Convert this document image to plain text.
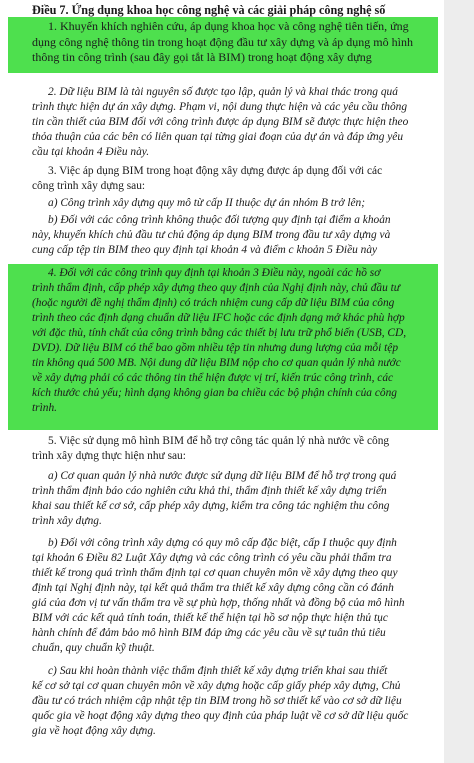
Điều 7. Ứng dụng khoa học công nghệ và các giải pháp công nghệ số
1. Khuyến khích nghiên cứu, áp dụng khoa học và công nghệ tiên tiến, ứng
dụng công nghệ thông tin trong hoạt động đầu tư xây dựng và áp dụng mô hình
thông tin công trình (sau đây gọi tắt là BIM) trong hoạt động xây dựng
2. Dữ liệu BIM là tài nguyên số được tạo lập, quản lý và khai thác trong quá
trình thực hiện dự án xây dựng. Phạm vi, nội dung thực hiện và các yêu cầu thông
tin cần thiết của BIM đối với công trình được áp dụng BIM sẽ được thực hiện theo
thỏa thuận của các bên có liên quan tại từng giai đoạn của dự án và đáp ứng yêu
cầu tại khoản 4 Điều này.
3. Việc áp dụng BIM trong hoạt động xây dựng được áp dụng đối với các
công trình xây dựng sau:
a) Công trình xây dựng quy mô từ cấp II thuộc dự án nhóm B trở lên;
b) Đối với các công trình không thuộc đối tượng quy định tại điểm a khoản
này, khuyến khích chủ đầu tư chủ động áp dụng BIM trong đầu tư xây dựng và
cung cấp tệp tin BIM theo quy định tại khoản 4 và điểm c khoản 5 Điều này
4. Đối với các công trình quy định tại khoản 3 Điều này, ngoài các hồ sơ
trình thẩm định, cấp phép xây dựng theo quy định của Nghị định này, chủ đầu tư
(hoặc người đề nghị thẩm định) có trách nhiệm cung cấp dữ liệu BIM của công
trình theo các định dạng chuẩn dữ liệu IFC hoặc các định dạng mở khác phù hợp
với đặc thù, tính chất của công trình bằng các thiết bị lưu trữ phổ biến (USB, CD,
DVD). Dữ liệu BIM có thể bao gồm nhiều tệp tin nhưng dung lượng của mỗi tệp
tin không quá 500 MB. Nội dung dữ liệu BIM nộp cho cơ quan quản lý nhà nước
về xây dựng phải có các thông tin thể hiện được vị trí, kiến trúc công trình, các
kích thước chủ yếu; hình dạng không gian ba chiều các bộ phận chính của công
trình.
5. Việc sử dụng mô hình BIM để hỗ trợ công tác quản lý nhà nước về công
trình xây dựng thực hiện như sau:
a) Cơ quan quản lý nhà nước được sử dụng dữ liệu BIM để hỗ trợ trong quá
trình thẩm định báo cáo nghiên cứu khả thi, thẩm định thiết kế xây dựng triển
khai sau thiết kế cơ sở, cấp phép xây dựng, kiểm tra công tác nghiệm thu công
trình xây dựng.
b) Đối với công trình xây dựng có quy mô cấp đặc biệt, cấp I thuộc quy định
tại khoản 6 Điều 82 Luật Xây dựng và các công trình có yêu cầu phải thẩm tra
thiết kế trong quá trình thẩm định tại cơ quan chuyên môn về xây dựng theo quy
định tại Nghị định này, tại kết quả thẩm tra thiết kế xây dựng công cần có đánh
giá của đơn vị tư vấn thẩm tra về sự phù hợp, thống nhất và đồng bộ của mô hình
BIM với các kết quả tính toán, thiết kế thể hiện tại hồ sơ nộp thực hiện thủ tục
hành chính để đảm bảo mô hình BIM đáp ứng các yêu cầu về sự tuân thủ tiêu
chuẩn, quy chuẩn kỹ thuật.
c) Sau khi hoàn thành việc thẩm định thiết kế xây dựng triển khai sau thiết
kế cơ sở tại cơ quan chuyên môn về xây dựng hoặc cấp giấy phép xây dựng, Chủ
đầu tư có trách nhiệm cập nhật tệp tin BIM trong hồ sơ thiết kế vào cơ sở dữ liệu
quốc gia về hoạt động xây dựng theo quy định của pháp luật về cơ sở dữ liệu quốc
gia về hoạt động xây dựng.
